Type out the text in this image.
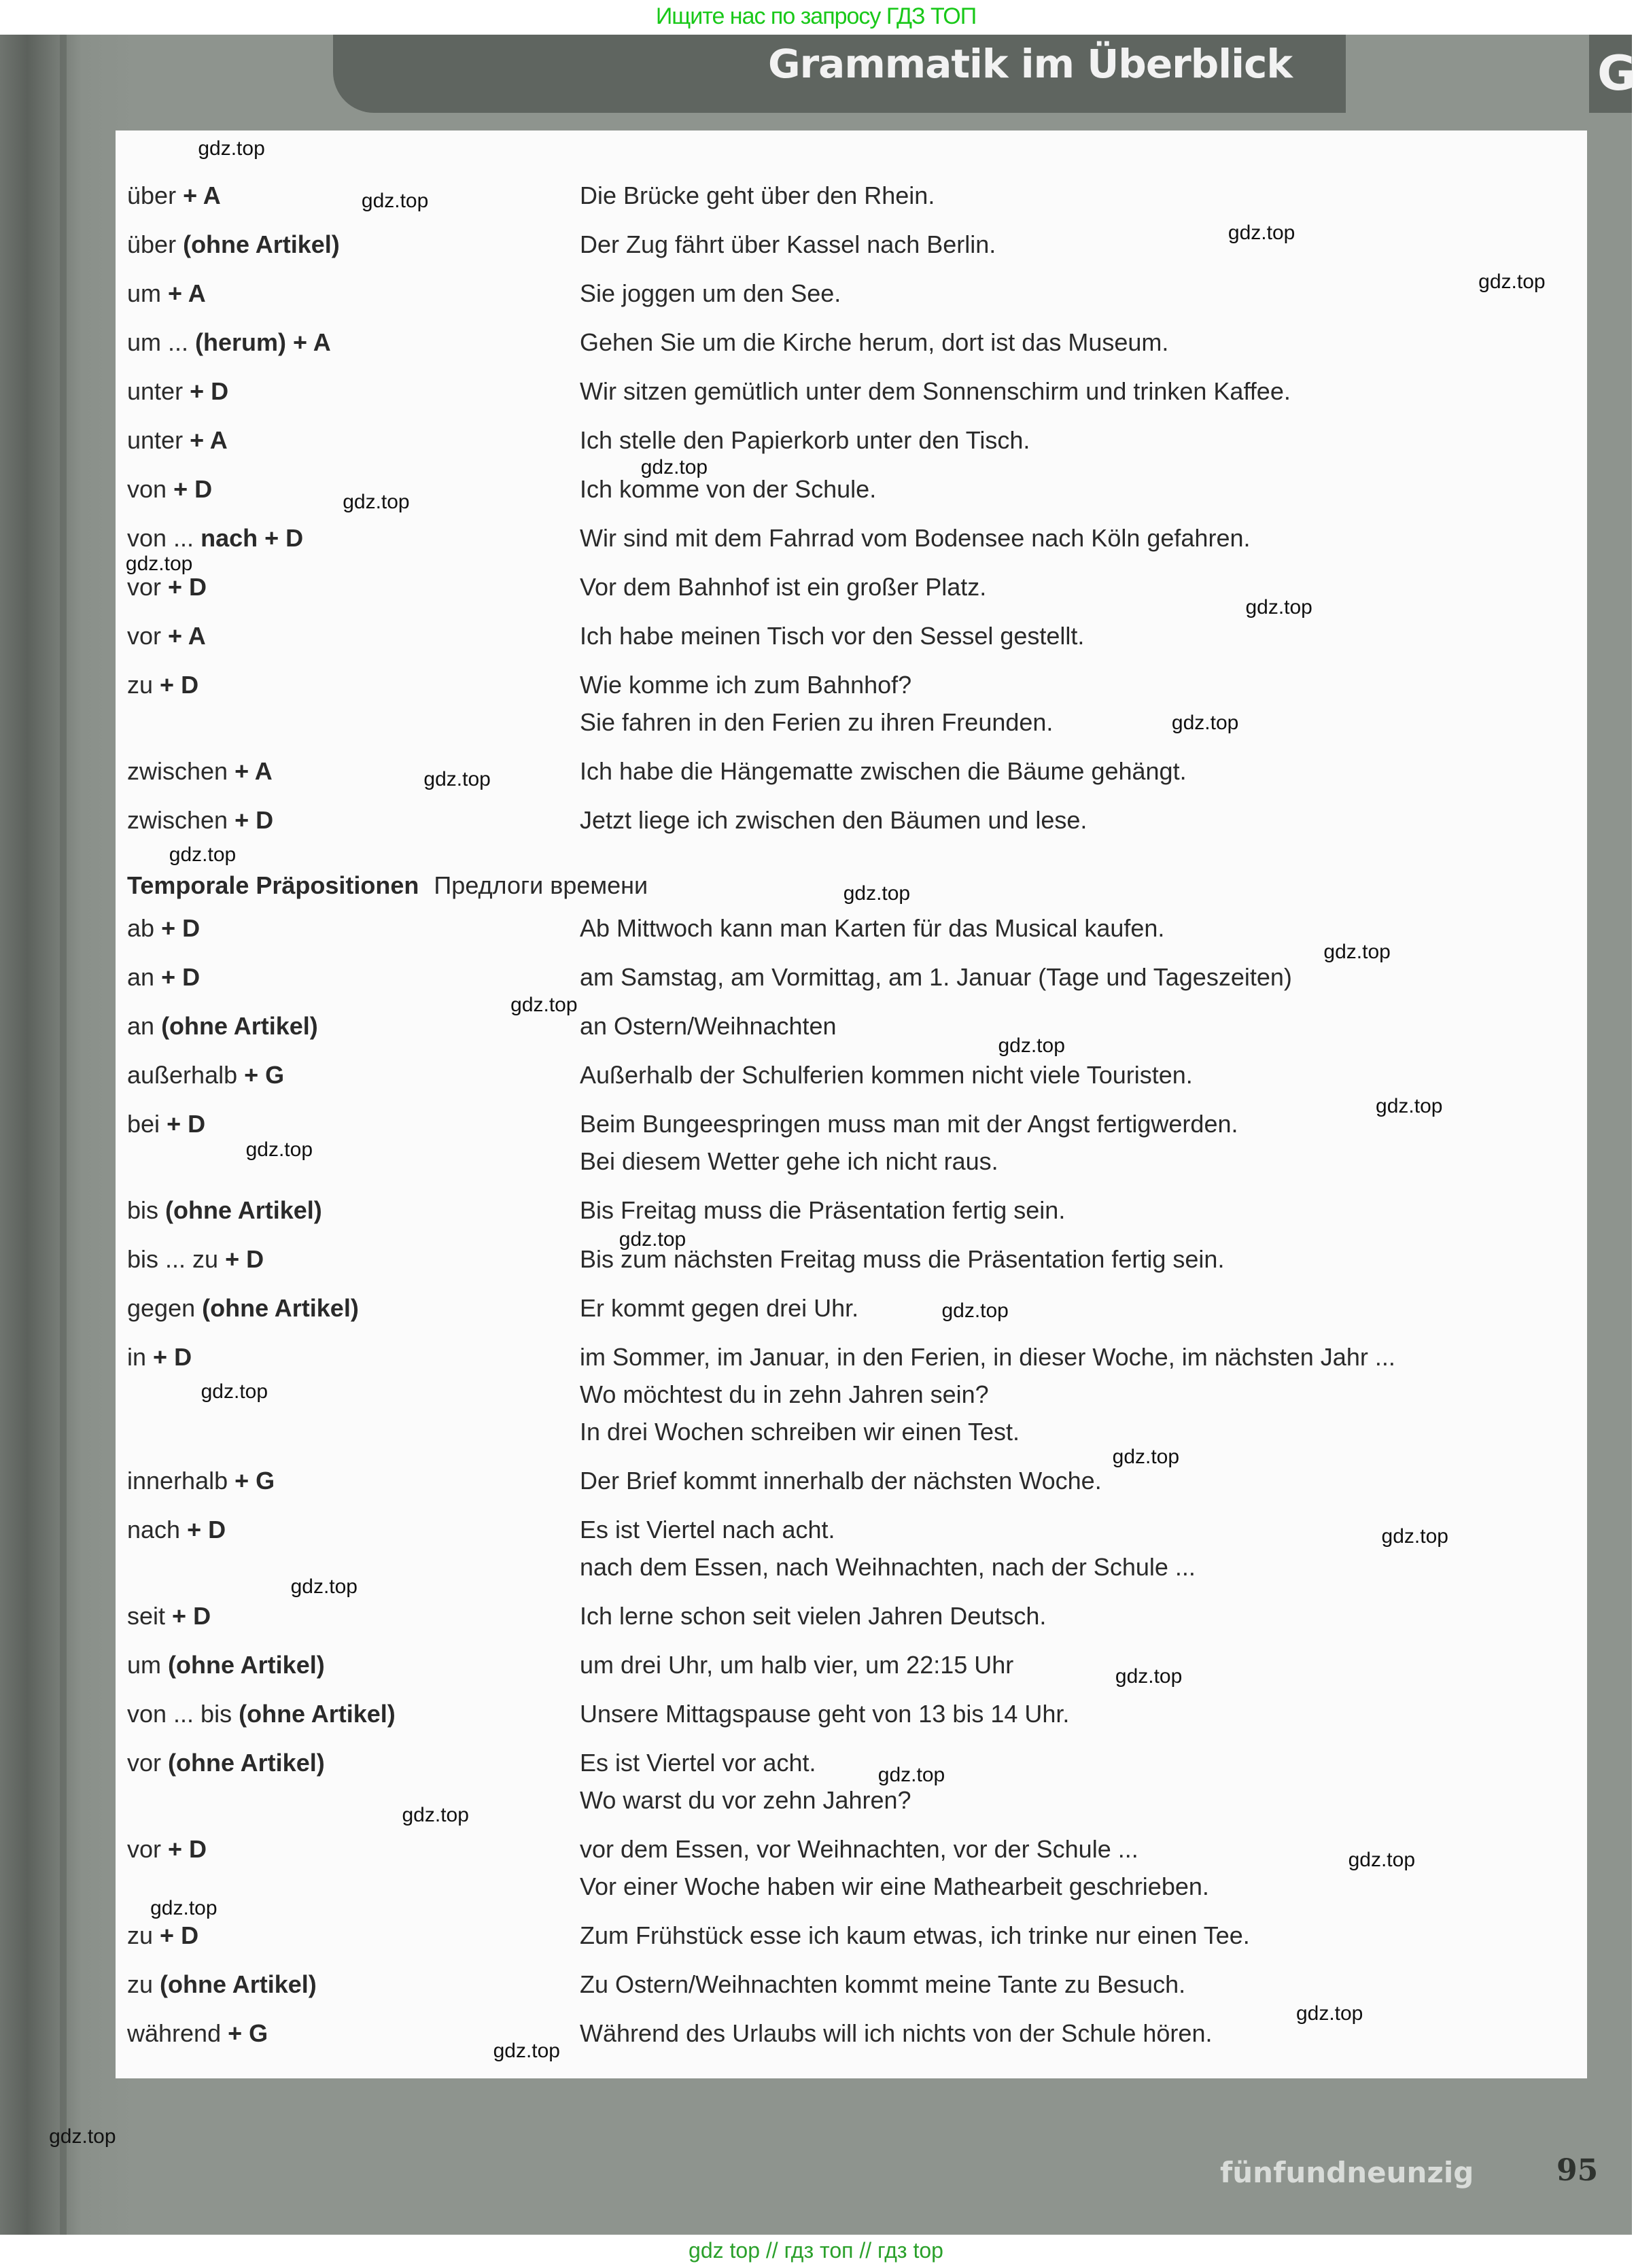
Ищите нас по запросу ГДЗ ТОП
Grammatik im Überblick	G
über + A	Die Brücke geht über den Rhein.
über (ohne Artikel)	Der Zug fährt über Kassel nach Berlin.
um + A	Sie joggen um den See.
um ... (herum) + A	Gehen Sie um die Kirche herum, dort ist das Museum.
unter + D	Wir sitzen gemütlich unter dem Sonnenschirm und trinken Kaffee.
unter + A	Ich stelle den Papierkorb unter den Tisch.
von + D	Ich komme von der Schule.
von ... nach + D	Wir sind mit dem Fahrrad vom Bodensee nach Köln gefahren.
vor + D	Vor dem Bahnhof ist ein großer Platz.
vor + A	Ich habe meinen Tisch vor den Sessel gestellt.
zu + D	Wie komme ich zum Bahnhof?
Sie fahren in den Ferien zu ihren Freunden.
zwischen + A	Ich habe die Hängematte zwischen die Bäume gehängt.
zwischen + D	Jetzt liege ich zwischen den Bäumen und lese.
Temporale Präpositionen Предлоги времени
ab + D	Ab Mittwoch kann man Karten für das Musical kaufen.
an + D	am Samstag, am Vormittag, am 1. Januar (Tage und Tageszeiten)
an (ohne Artikel)	an Ostern/Weihnachten
außerhalb + G	Außerhalb der Schulferien kommen nicht viele Touristen.
bei + D	Beim Bungeespringen muss man mit der Angst fertigwerden.
Bei diesem Wetter gehe ich nicht raus.
bis (ohne Artikel)	Bis Freitag muss die Präsentation fertig sein.
bis ... zu + D	Bis zum nächsten Freitag muss die Präsentation fertig sein.
gegen (ohne Artikel)	Er kommt gegen drei Uhr.
in + D	im Sommer, im Januar, in den Ferien, in dieser Woche, im nächsten Jahr ...
Wo möchtest du in zehn Jahren sein?
In drei Wochen schreiben wir einen Test.
innerhalb + G	Der Brief kommt innerhalb der nächsten Woche.
nach + D	Es ist Viertel nach acht.
nach dem Essen, nach Weihnachten, nach der Schule ...
seit + D	Ich lerne schon seit vielen Jahren Deutsch.
um (ohne Artikel)	um drei Uhr, um halb vier, um 22:15 Uhr
von ... bis (ohne Artikel)	Unsere Mittagspause geht von 13 bis 14 Uhr.
vor (ohne Artikel)	Es ist Viertel vor acht.
Wo warst du vor zehn Jahren?
vor + D	vor dem Essen, vor Weihnachten, vor der Schule ...
Vor einer Woche haben wir eine Mathearbeit geschrieben.
zu + D	Zum Frühstück esse ich kaum etwas, ich trinke nur einen Tee.
zu (ohne Artikel)	Zu Ostern/Weihnachten kommt meine Tante zu Besuch.
während + G	Während des Urlaubs will ich nichts von der Schule hören.
gdz.top
gdz.top
gdz.top
gdz.top
gdz.top
gdz.top
gdz.top
gdz.top
gdz.top
gdz.top
gdz.top
gdz.top
gdz.top
gdz.top
gdz.top
gdz.top
gdz.top
gdz.top
gdz.top
gdz.top
gdz.top
gdz.top
gdz.top
gdz.top
gdz.top
gdz.top
gdz.top
gdz.top
gdz.top
gdz.top
gdz.top
fünfundneunzig	95
gdz top // гдз топ // гдз top
